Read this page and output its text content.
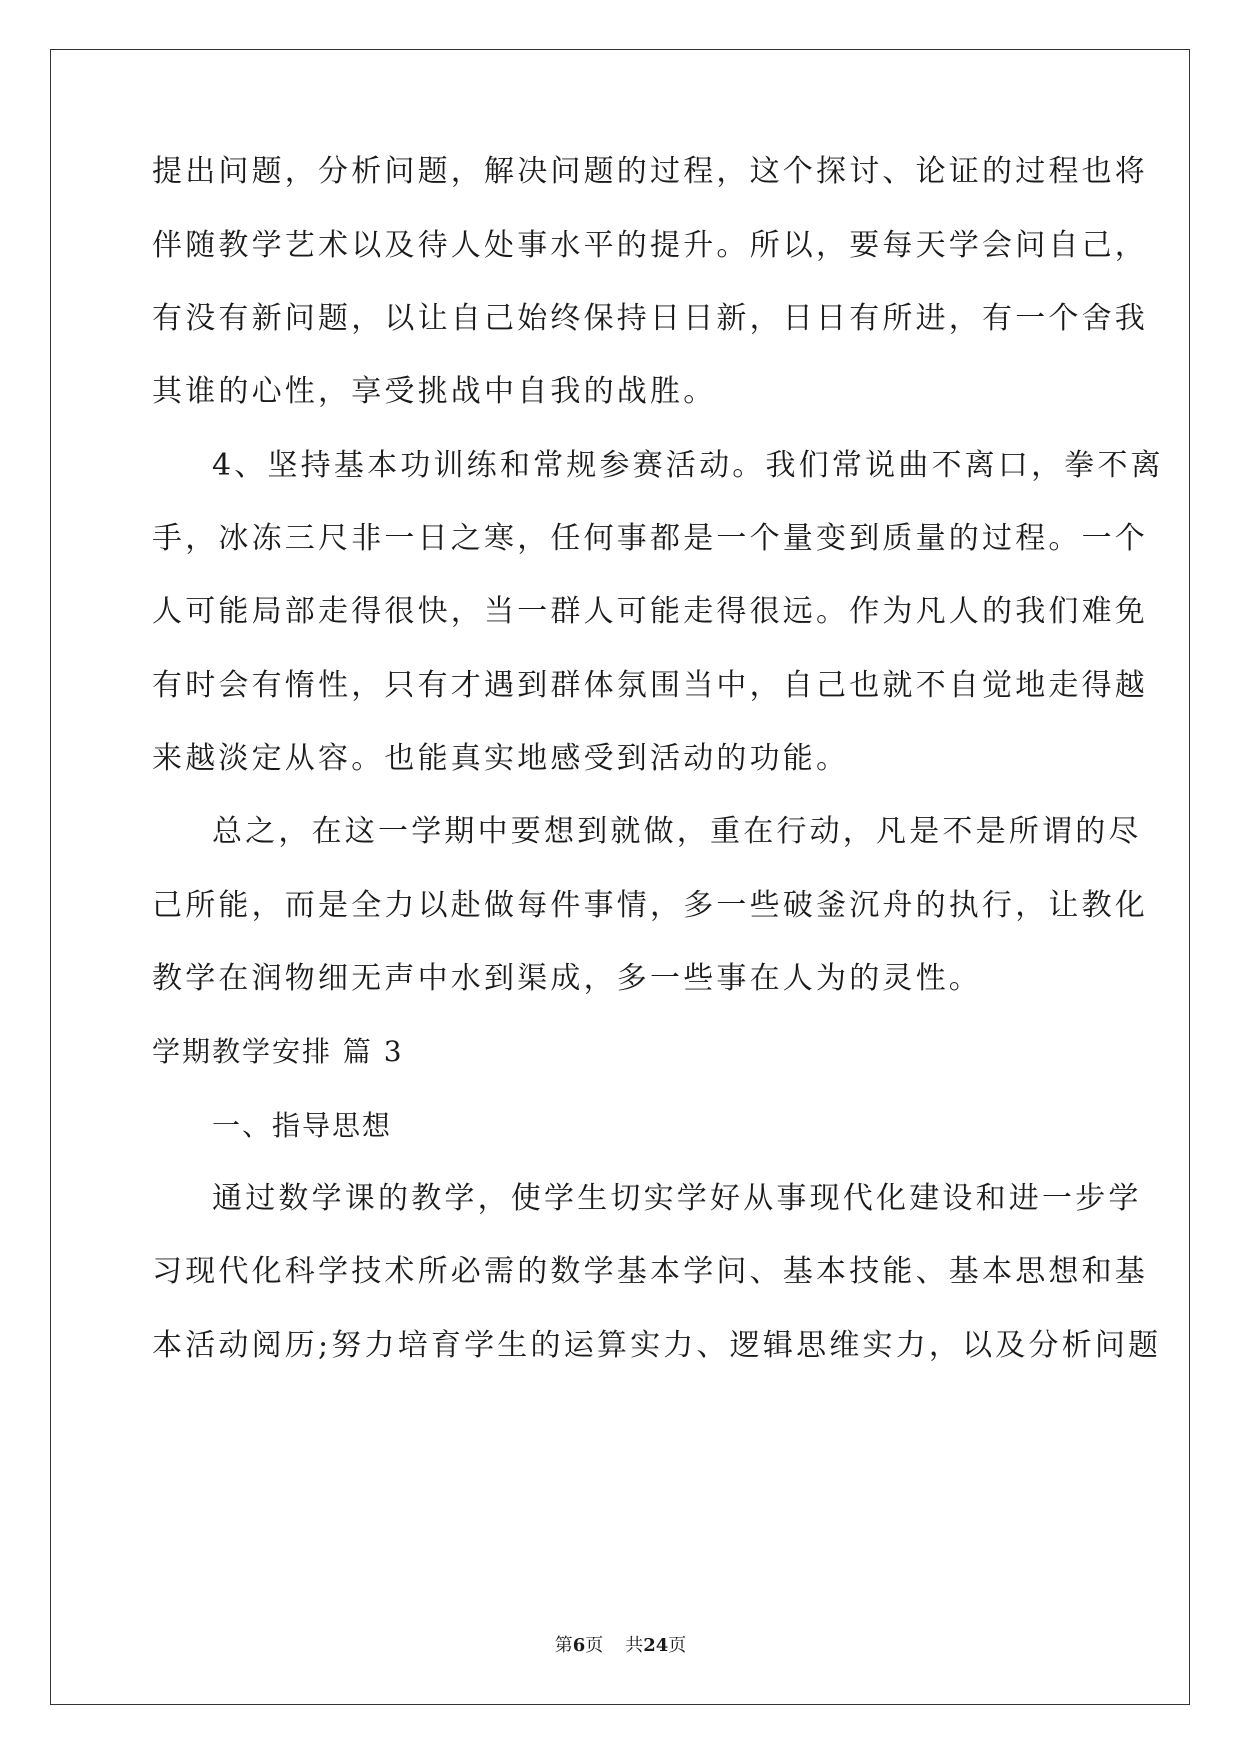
提出问题，分析问题，解决问题的过程，这个探讨、论证的过程也将
伴随教学艺术以及待人处事水平的提升。所以，要每天学会问自己，
有没有新问题，以让自己始终保持日日新，日日有所进，有一个舍我
其谁的心性，享受挑战中自我的战胜。
4、坚持基本功训练和常规参赛活动。我们常说曲不离口，拳不离
手，冰冻三尺非一日之寒，任何事都是一个量变到质量的过程。一个
人可能局部走得很快，当一群人可能走得很远。作为凡人的我们难免
有时会有惰性，只有才遇到群体氛围当中，自己也就不自觉地走得越
来越淡定从容。也能真实地感受到活动的功能。
总之，在这一学期中要想到就做，重在行动，凡是不是所谓的尽
己所能，而是全力以赴做每件事情，多一些破釜沉舟的执行，让教化
教学在润物细无声中水到渠成，多一些事在人为的灵性。
学期教学安排 篇 3
一、指导思想
通过数学课的教学，使学生切实学好从事现代化建设和进一步学
习现代化科学技术所必需的数学基本学问、基本技能、基本思想和基
本活动阅历;努力培育学生的运算实力、逻辑思维实力，以及分析问题
第6页 共24页
